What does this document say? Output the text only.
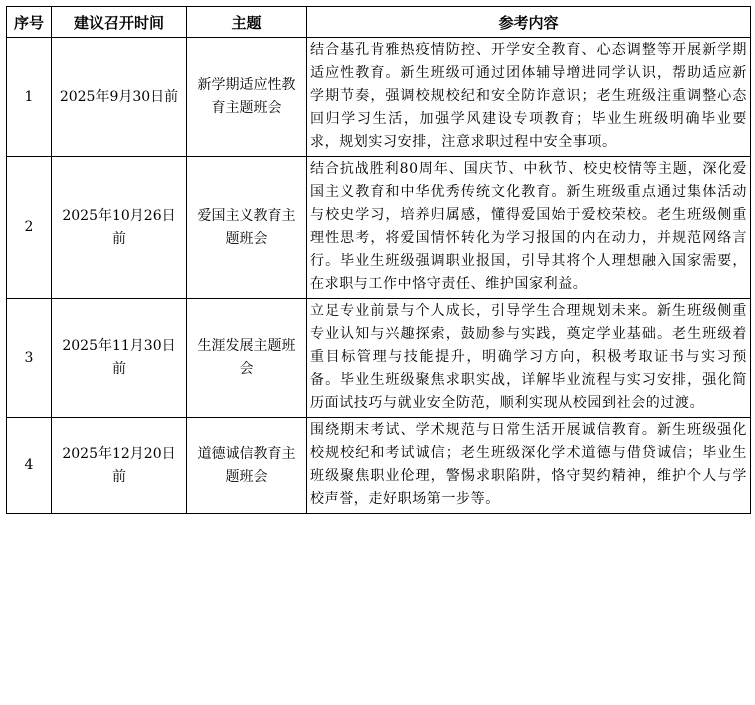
序号	建议召开时间	主题	参考内容
1	2025年9月30日前	新学期适应性教育主题班会	结合基孔肯雅热疫情防控、开学安全教育、心态调整等开展新学期适应性教育。新生班级可通过团体辅导增进同学认识，帮助适应新学期节奏，强调校规校纪和安全防诈意识；老生班级注重调整心态回归学习生活，加强学风建设专项教育；毕业生班级明确毕业要求，规划实习安排，注意求职过程中安全事项。
2	2025年10月26日前	爱国主义教育主题班会	结合抗战胜利80周年、国庆节、中秋节、校史校情等主题，深化爱国主义教育和中华优秀传统文化教育。新生班级重点通过集体活动与校史学习，培养归属感，懂得爱国始于爱校荣校。老生班级侧重理性思考，将爱国情怀转化为学习报国的内在动力，并规范网络言行。毕业生班级强调职业报国，引导其将个人理想融入国家需要，在求职与工作中恪守责任、维护国家利益。
3	2025年11月30日前	生涯发展主题班会	立足专业前景与个人成长，引导学生合理规划未来。新生班级侧重专业认知与兴趣探索，鼓励参与实践，奠定学业基础。老生班级着重目标管理与技能提升，明确学习方向，积极考取证书与实习预备。毕业生班级聚焦求职实战，详解毕业流程与实习安排，强化简历面试技巧与就业安全防范，顺利实现从校园到社会的过渡。
4	2025年12月20日前	道德诚信教育主题班会	围绕期末考试、学术规范与日常生活开展诚信教育。新生班级强化校规校纪和考试诚信；老生班级深化学术道德与借贷诚信；毕业生班级聚焦职业伦理，警惕求职陷阱，恪守契约精神，维护个人与学校声誉，走好职场第一步等。
